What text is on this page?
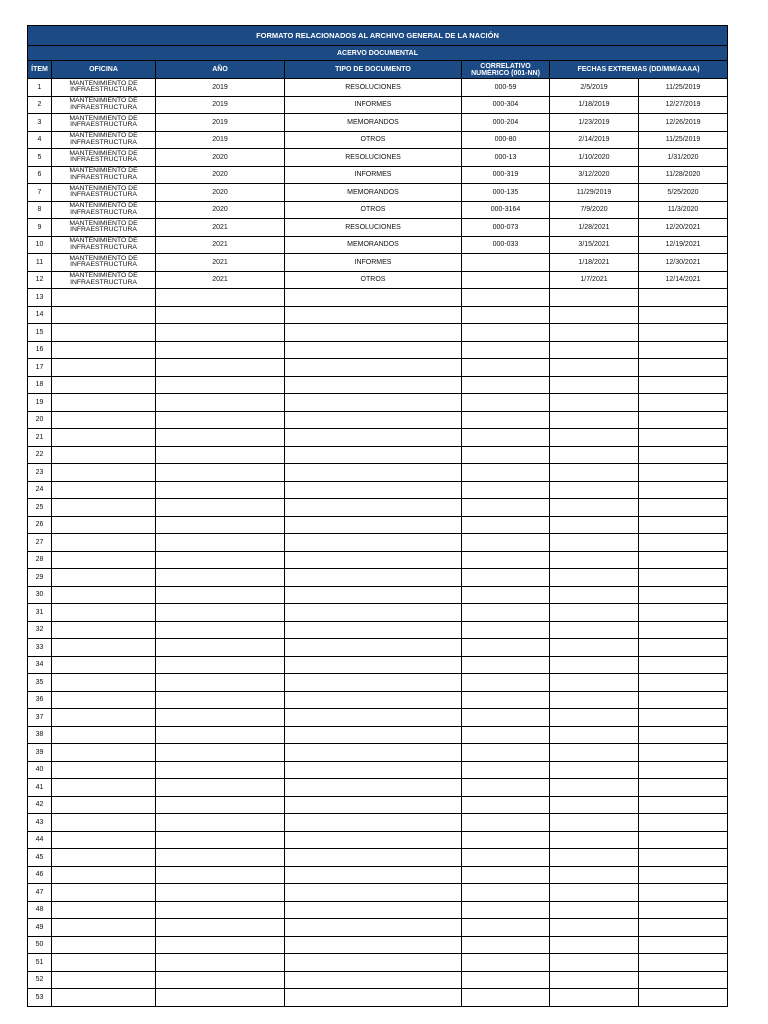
FORMATO RELACIONADOS AL ARCHIVO GENERAL DE LA NACIÓN						
ACERVO DOCUMENTAL						
ÍTEM	OFICINA	AÑO	TIPO DE DOCUMENTO	CORRELATIVO NUMÉRICO (001-NN)	FECHAS EXTREMAS (DD/MM/AAAA)	
1	MANTENIMIENTO DE INFRAESTRUCTURA	2019	RESOLUCIONES	000-59	2/5/2019	11/25/2019
2	MANTENIMIENTO DE INFRAESTRUCTURA	2019	INFORMES	000-304	1/18/2019	12/27/2019
3	MANTENIMIENTO DE INFRAESTRUCTURA	2019	MEMORANDOS	000-204	1/23/2019	12/26/2019
4	MANTENIMIENTO DE INFRAESTRUCTURA	2019	OTROS	000-80	2/14/2019	11/25/2019
5	MANTENIMIENTO DE INFRAESTRUCTURA	2020	RESOLUCIONES	000-13	1/10/2020	1/31/2020
6	MANTENIMIENTO DE INFRAESTRUCTURA	2020	INFORMES	000-319	3/12/2020	11/28/2020
7	MANTENIMIENTO DE INFRAESTRUCTURA	2020	MEMORANDOS	000-135	11/29/2019	5/25/2020
8	MANTENIMIENTO DE INFRAESTRUCTURA	2020	OTROS	000-3164	7/9/2020	11/3/2020
9	MANTENIMIENTO DE INFRAESTRUCTURA	2021	RESOLUCIONES	000-073	1/28/2021	12/20/2021
10	MANTENIMIENTO DE INFRAESTRUCTURA	2021	MEMORANDOS	000-033	3/15/2021	12/19/2021
11	MANTENIMIENTO DE INFRAESTRUCTURA	2021	INFORMES		1/18/2021	12/30/2021
12	MANTENIMIENTO DE INFRAESTRUCTURA	2021	OTROS		1/7/2021	12/14/2021
13						
14						
15						
16						
17						
18						
19						
20						
21						
22						
23						
24						
25						
26						
27						
28						
29						
30						
31						
32						
33						
34						
35						
36						
37						
38						
39						
40						
41						
42						
43						
44						
45						
46						
47						
48						
49						
50						
51						
52						
53						
